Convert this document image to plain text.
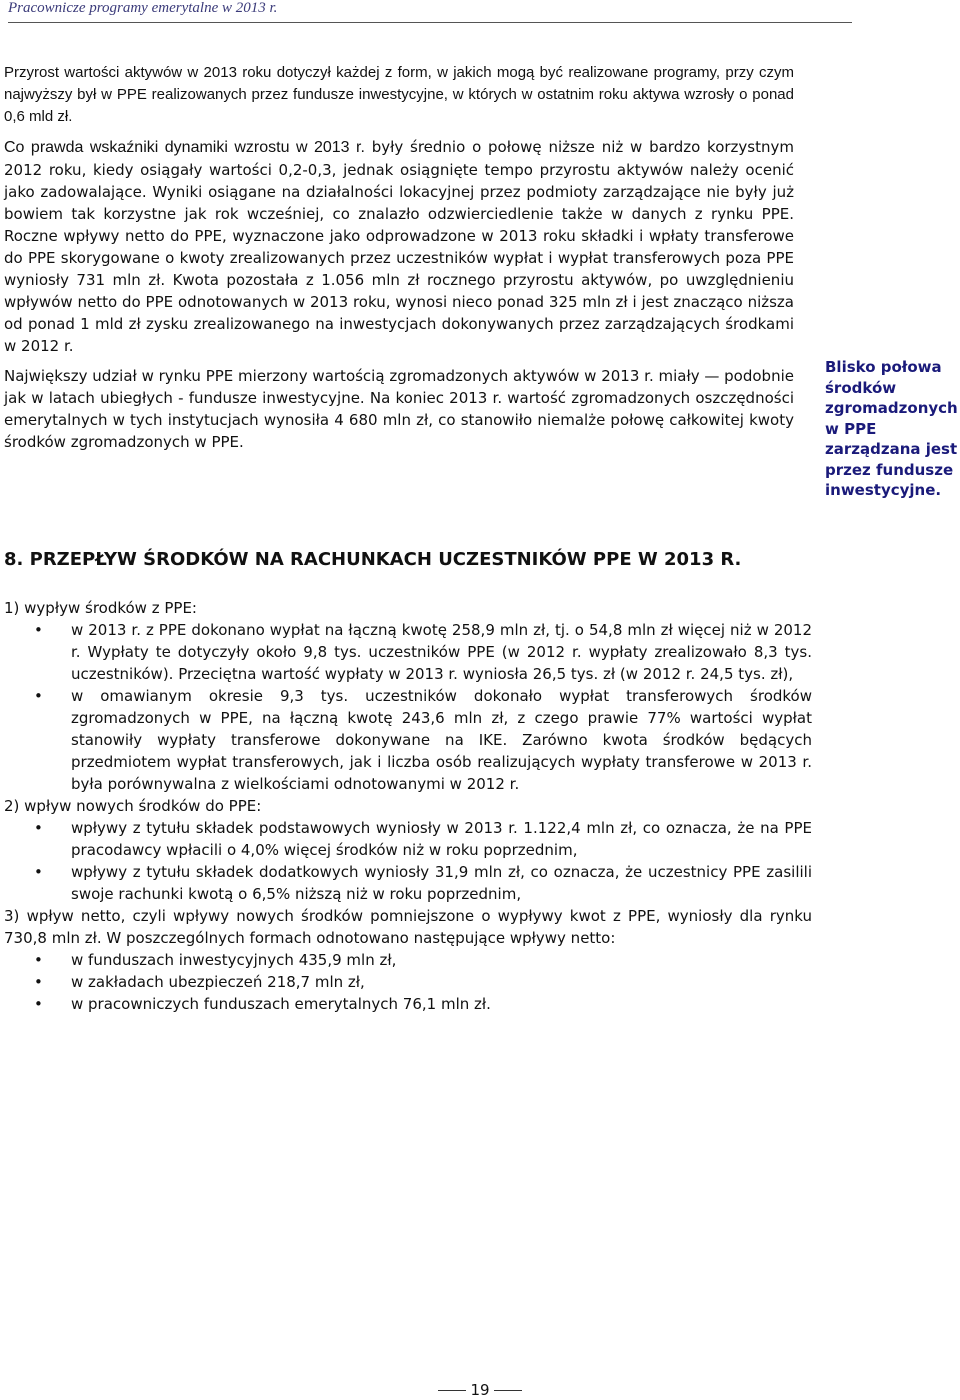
Pracownicze programy emerytalne w 2013 r.

Przyrost wartości aktywów w 2013 roku dotyczył każdej z form, w jakich mogą być realizowane programy, przy czym najwyższy był w PPE realizowanych przez fundusze inwestycyjne, w których w ostatnim roku aktywa wzrosły o ponad 0,6 mld zł.

Co prawda wskaźniki dynamiki wzrostu w 2013 r. były średnio o połowę niższe niż w bardzo korzystnym 2012 roku, kiedy osiągały wartości 0,2-0,3, jednak osiągnięte tempo przyrostu aktywów należy ocenić jako zadowalające. Wyniki osiągane na działalności lokacyjnej przez podmioty zarządzające nie były już bowiem tak korzystne jak rok wcześniej, co znalazło odzwierciedlenie także w danych z rynku PPE. Roczne wpływy netto do PPE, wyznaczone jako odprowadzone w 2013 roku składki i wpłaty transferowe do PPE skorygowane o kwoty zrealizowanych przez uczestników wypłat i wypłat transferowych poza PPE wyniosły 731 mln zł. Kwota pozostała z 1.056 mln zł rocznego przyrostu aktywów, po uwzględnieniu wpływów netto do PPE odnotowanych w 2013 roku, wynosi nieco ponad 325 mln zł i jest znacząco niższa od ponad 1 mld zł zysku zrealizowanego na inwestycjach dokonywanych przez zarządzających środkami w 2012 r.

Największy udział w rynku PPE mierzony wartością zgromadzonych aktywów w 2013 r. miały — podobnie jak w latach ubiegłych - fundusze inwestycyjne. Na koniec 2013 r. wartość zgromadzonych oszczędności emerytalnych w tych instytucjach wynosiła 4 680 mln zł, co stanowiło niemalże połowę całkowitej kwoty środków zgromadzonych w PPE.

Blisko połowa środków zgromadzonych w PPE zarządzana jest przez fundusze inwestycyjne.
8. PRZEPŁYW ŚRODKÓW NA RACHUNKACH UCZESTNIKÓW PPE W 2013 R.

1) wypływ środków z PPE:

• w 2013 r. z PPE dokonano wypłat na łączną kwotę 258,9 mln zł, tj. o 54,8 mln zł więcej niż w 2012 r. Wypłaty te dotyczyły około 9,8 tys. uczestników PPE (w 2012 r. wypłaty zrealizowało 8,3 tys. uczestników). Przeciętna wartość wypłaty w 2013 r. wyniosła 26,5 tys. zł (w 2012 r. 24,5 tys. zł),
• w omawianym okresie 9,3 tys. uczestników dokonało wypłat transferowych środków zgromadzonych w PPE, na łączną kwotę 243,6 mln zł, z czego prawie 77% wartości wypłat stanowiły wypłaty transferowe dokonywane na IKE. Zarówno kwota środków będących przedmiotem wypłat transferowych, jak i liczba osób realizujących wypłaty transferowe w 2013 r. była porównywalna z wielkościami odnotowanymi w 2012 r.

2) wpływ nowych środków do PPE:

• wpływy z tytułu składek podstawowych wyniosły w 2013 r. 1.122,4 mln zł, co oznacza, że na PPE pracodawcy wpłacili o 4,0% więcej środków niż w roku poprzednim,
• wpływy z tytułu składek dodatkowych wyniosły 31,9 mln zł, co oznacza, że uczestnicy PPE zasilili swoje rachunki kwotą o 6,5% niższą niż w roku poprzednim,

3) wpływ netto, czyli wpływy nowych środków pomniejszone o wypływy kwot z PPE, wyniosły dla rynku 730,8 mln zł. W poszczególnych formach odnotowano następujące wpływy netto:

• w funduszach inwestycyjnych 435,9 mln zł,
• w zakładach ubezpieczeń 218,7 mln zł,
• w pracowniczych funduszach emerytalnych 76,1 mln zł.
19
